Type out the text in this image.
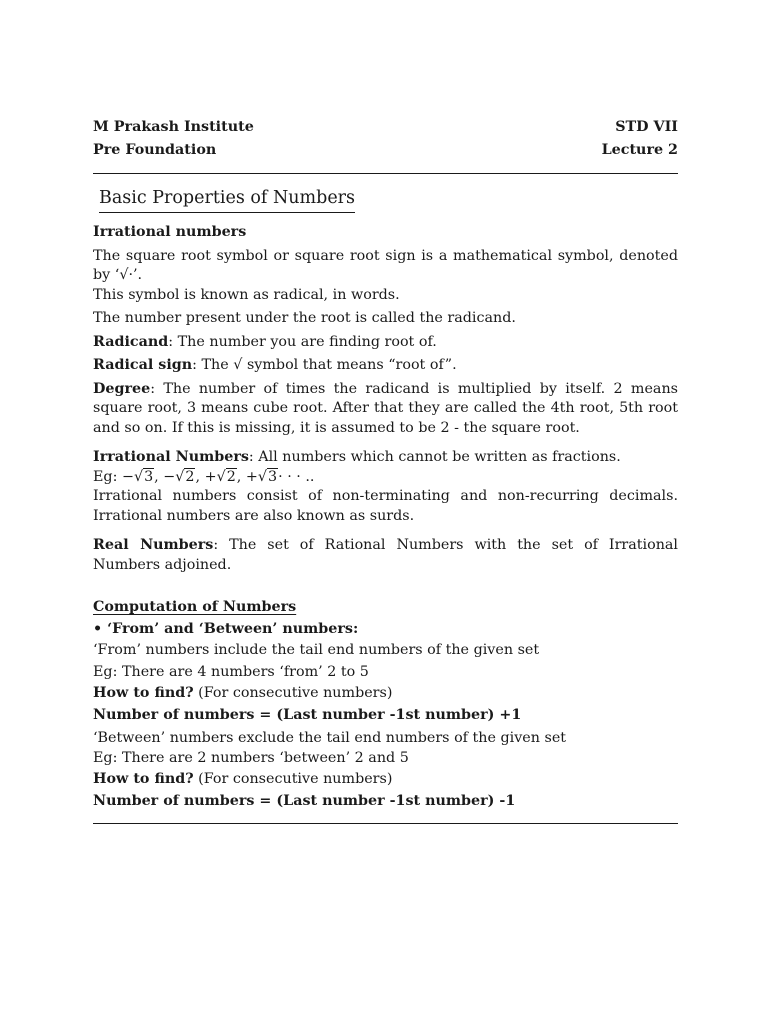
M Prakash Institute	STD VII
Pre Foundation	Lecture 2
Basic Properties of Numbers
Irrational numbers

The square root symbol or square root sign is a mathematical symbol, denoted by ‘√·’.
This symbol is known as radical, in words.

The number present under the root is called the radicand.

Radicand: The number you are finding root of.

Radical sign: The √ symbol that means “root of”.

Degree: The number of times the radicand is multiplied by itself. 2 means square root, 3 means cube root. After that they are called the 4th root, 5th root and so on. If this is missing, it is assumed to be 2 - the square root.

Irrational Numbers: All numbers which cannot be written as fractions.

Eg: −√3, −√2, +√2, +√3· · · ..

Irrational numbers consist of non-terminating and non-recurring decimals. Irrational numbers are also known as surds.

Real Numbers: The set of Rational Numbers with the set of Irrational Numbers adjoined.

Computation of Numbers

• ‘From’ and ‘Between’ numbers:

‘From’ numbers include the tail end numbers of the given set

Eg: There are 4 numbers ‘from’ 2 to 5

How to find? (For consecutive numbers)

Number of numbers = (Last number -1st number) +1

‘Between’ numbers exclude the tail end numbers of the given set

Eg: There are 2 numbers ‘between’ 2 and 5

How to find? (For consecutive numbers)

Number of numbers = (Last number -1st number) -1
